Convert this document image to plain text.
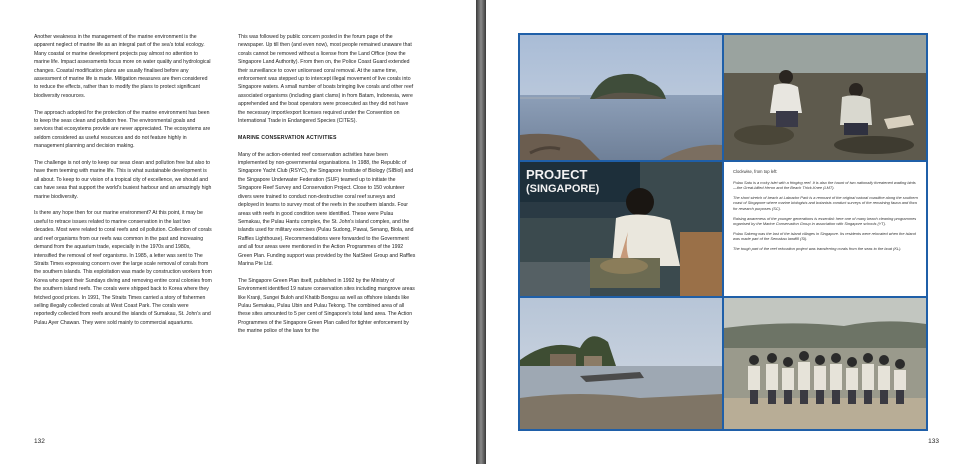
Another weakness in the management of the marine environment is the apparent neglect of marine life as an integral part of the sea's total ecology. Many coastal or marine development projects pay almost no attention to marine life. Impact assessments focus more on water quality and hydrological changes. Coastal modification plans are usually finalised before any assessment of marine life is made. Mitigation measures are then considered to reduce the effects, rather than to modify the plans to protect significant biodiversity resources.

The approach adopted for the protection of the marine environment has been to keep the seas clean and pollution free. The environmental goals and services that ecosystems provide are never appreciated. The ecosystems are seldom considered as useful resources and do not feature highly in management planning and decision making.

The challenge is not only to keep our seas clean and pollution free but also to have them teeming with marine life. This is what sustainable development is all about. To keep to our vision of a tropical city of excellence, we should and can have seas that support the world's busiest harbour and an amazingly high marine biodiversity.

Is there any hope then for our marine environment? At this point, it may be useful to retrace issues related to marine conservation in the last two decades. Most were related to coral reefs and oil pollution. Collection of corals and reef organisms from our reefs was common in the past and increasing demand from the aquarium trade, especially in the 1970s and 1980s, intensified the removal of reef organisms. In 1985, a letter was sent to The Straits Times expressing concern over the large scale removal of corals from the southern islands. This exploitation was made by construction workers from Korea who spent their Sundays diving and removing entire coral colonies from the southern island reefs. The corals were shipped back to Korea where they fetched good prices. In 1991, The Straits Times carried a story of fishermen selling illegally collected corals at West Coast Park. The corals were reportedly collected from reefs around the islands of Sumakau, St. John's and Pulau Ayer Chawan. They were sold mainly to commercial aquariums.

This was followed by public concern posted in the forum page of the newspaper. Up till then (and even now), most people remained unaware that corals cannot be removed without a license from the Land Office (now the Singapore Land Authority). From then on, the Police Coast Guard extended their surveillance to cover unlicensed coral removal. At the same time, enforcement was stepped up to intercept illegal movement of live corals into Singapore waters. A small number of boats bringing live corals and other reef associated organisms (including giant clams) in from Batam, Indonesia, were apprehended and the boat operators were prosecuted as they did not have the necessary import/export licenses required under the Convention on International Trade in Endangered Species (CITES).

MARINE CONSERVATION ACTIVITIES

Many of the action-oriented reef conservation activities have been implemented by non-governmental organisations. In 1988, the Republic of Singapore Yacht Club (RSYC), the Singapore Institute of Biology (SIBiol) and the Singapore Underwater Federation (SUF) teamed up to initiate the Singapore Reef Survey and Conservation Project. Close to 150 volunteer divers were trained to conduct non-destructive coral reef surveys and deployed in teams to survey most of the reefs in the southern islands. Four areas with reefs in good condition were identified. These were Pulau Semakau, the Pulau Hantu complex, the St. John's island complex, and the islands used for military exercises (Pulau Sudong, Pawai, Senang, Biola, and Raffles Lighthouse). Recommendations were forwarded to the Government and all four areas were mentioned in the Action Programmes of the 1992 Green Plan. Funding support was provided by the NatSteel Group and Raffles Marina Pte Ltd.

The Singapore Green Plan itself, published in 1992 by the Ministry of Environment identified 19 nature conservation sites including mangrove areas like Kranji, Sungei Buloh and Khatib Bongsu as well as offshore islands like Pulau Semakau, Pulau Ubin and Pulau Tekong. The combined area of all these sites amounted to 5 per cent of Singapore's total land area. The Action Programmes of the Singapore Green Plan called for tighter enforcement by the marine police of the laws for the

132
PROJECT
(SINGAPORE)
Clockwise, from top left:

Pulau Satu is a rocky islet with a fringing reef. It is also the haunt of two nationally threatened wading birds—the Great-billed Heron and the Beach Thick-Knee (LMT).

The short stretch of beach at Labrador Park is a remnant of the original natural coastline along the southern coast of Singapore where marine biologists and botanists conduct surveys of the remaining fauna and flora for research purposes (SC).

Raising awareness of the younger generations is essential: here one of many beach cleaning programmes organised by the Marine Conservation Group in association with Singapore schools (YT).

Pulau Sakeng was the last of the island villages in Singapore. Its residents were relocated when the island was made part of the Semakau landfill (SI).

The tough part of the reef relocation project was transferring corals from the seas to the boat (KL).

133
